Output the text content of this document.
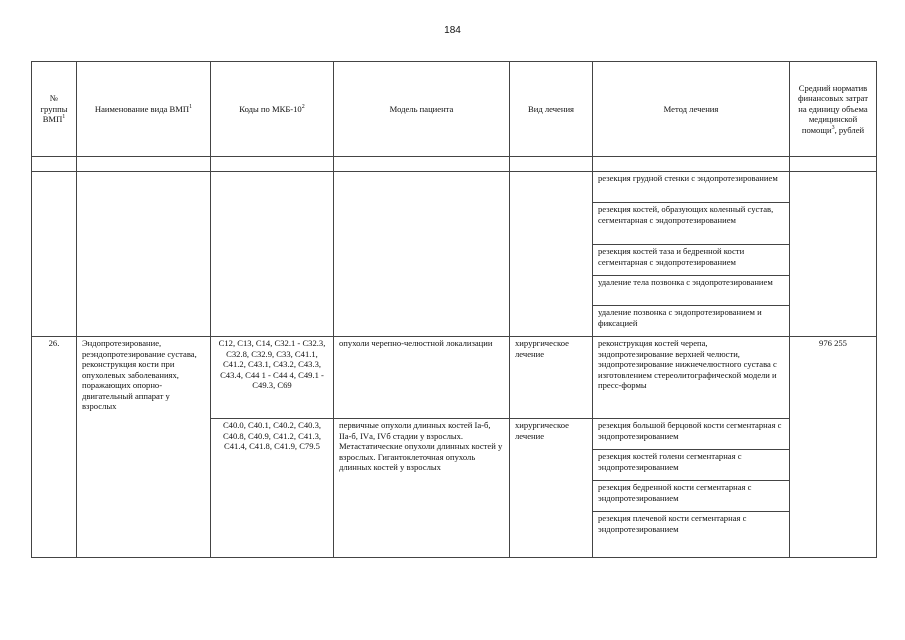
184
№ группы ВМП$^1$	Наименование вида ВМП$^1$	Коды по МКБ-$10^2$	Модель пациента	Вид лечения	Метод лечения	Средний норматив финансовых затрат на единицу объема медицинской помощи$^3$, рублей

					резекция грудной стенки с эндопротезированием	
					резекция костей, образующих коленный сустав, сегментарная с эндопротезированием	
					резекция костей таза и бедренной кости сегментарная с эндопротезированием	
					удаление тела позвонка с эндопротезированием	
					удаление позвонка с эндопротезированием и фиксацией	
26.	Эндопротезирование, реэндопротезирование сустава, реконструкция кости при опухолевых заболеваниях, поражающих опорно-двигательный аппарат у взрослых	C12, C13, C14, C32.1 - C32.3, C32.8, C32.9, C33, C41.1, C41.2, C43.1, C43.2, C43.3, C43.4, C44 1 - C44 4, C49.1 - C49.3, C69	опухоли черепно-челюстной локализации	хирургическое лечение	реконструкция костей черепа, эндопротезирование верхней челюсти, эндопротезирование нижнечелюстного сустава с изготовлением стереолитографической модели и пресс-формы	976 255
		C40.0, C40.1, C40.2, C40.3, C40.8, C40.9, C41.2, C41.3, C41.4, C41.8, C41.9, C79.5	первичные опухоли длинных костей Iа-б, IIа-б, IVа, IVб стадии у взрослых. Метастатические опухоли длинных костей у взрослых. Гигантоклеточная опухоль длинных костей у взрослых	хирургическое лечение	резекция большой берцовой кости сегментарная с эндопротезированием	
					резекция костей голени сегментарная с эндопротезированием	
					резекция бедренной кости сегментарная с эндопротезированием	
					резекция плечевой кости сегментарная с эндопротезированием	
